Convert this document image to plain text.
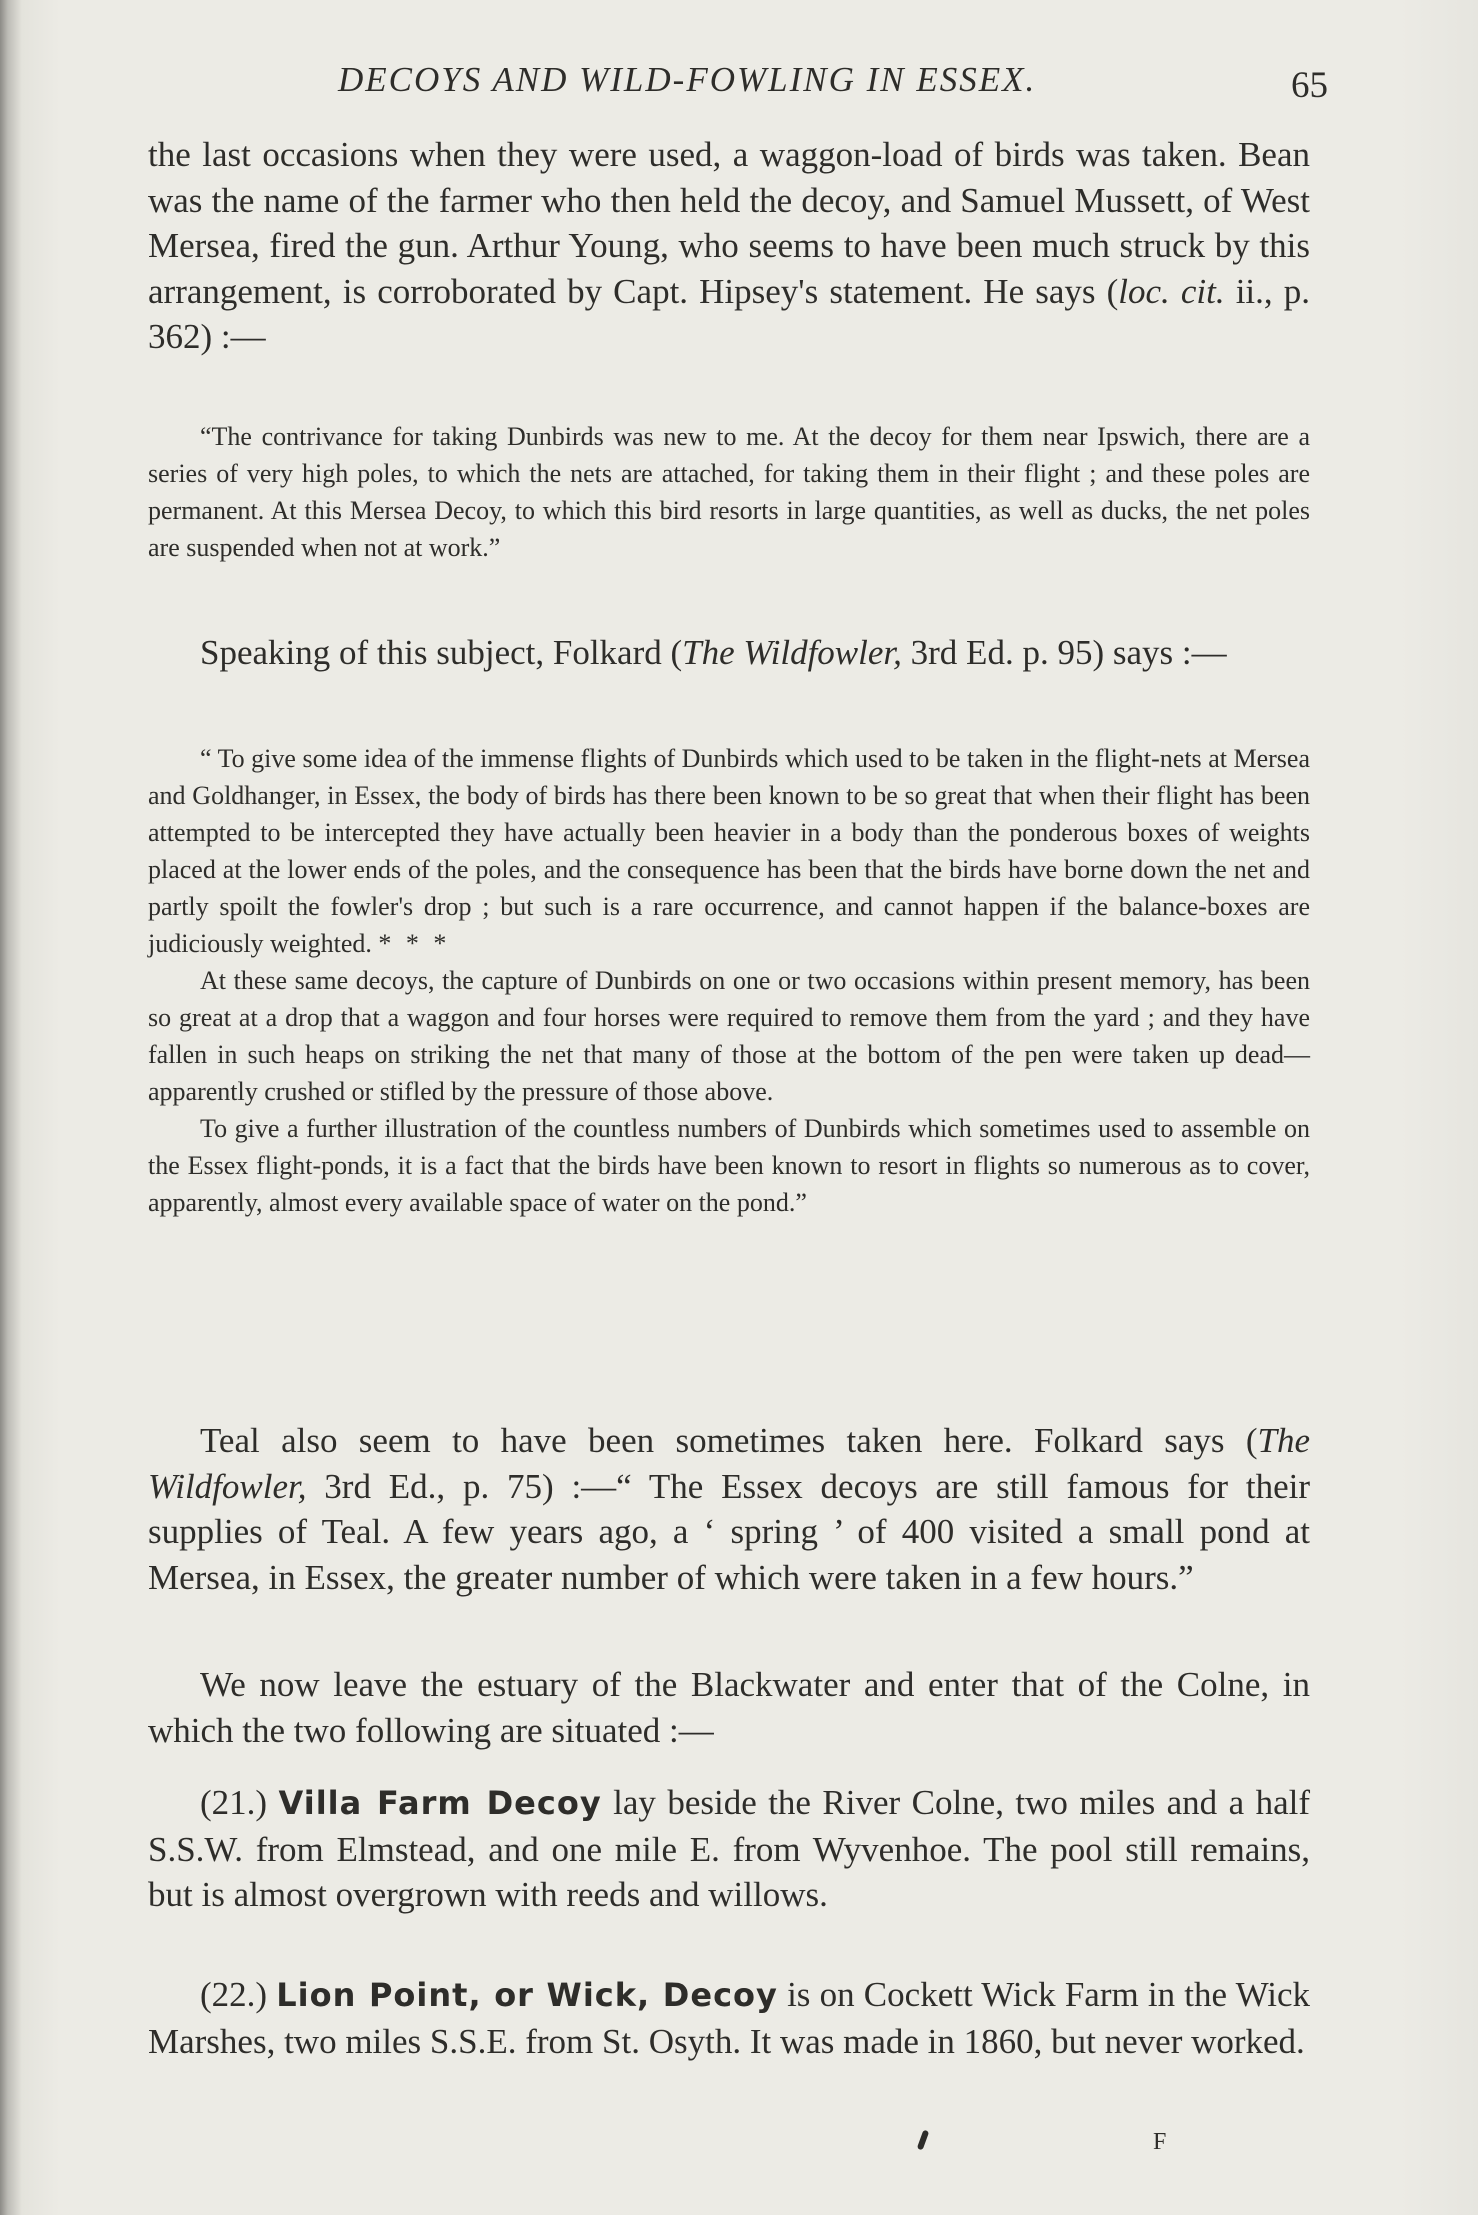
DECOYS AND WILD-FOWLING IN ESSEX.	65

the last occasions when they were used, a waggon-load of birds was taken. Bean was the name of the farmer who then held the decoy, and Samuel Mussett, of West Mersea, fired the gun. Arthur Young, who seems to have been much struck by this arrangement, is corroborated by Capt. Hipsey's statement. He says (loc. cit. ii., p. 362) :—

“The contrivance for taking Dunbirds was new to me. At the decoy for them near Ipswich, there are a series of very high poles, to which the nets are attached, for taking them in their flight ; and these poles are permanent. At this Mersea Decoy, to which this bird resorts in large quantities, as well as ducks, the net poles are suspended when not at work.”

Speaking of this subject, Folkard (The Wildfowler, 3rd Ed. p. 95) says :—

“ To give some idea of the immense flights of Dunbirds which used to be taken in the flight-nets at Mersea and Goldhanger, in Essex, the body of birds has there been known to be so great that when their flight has been attempted to be intercepted they have actually been heavier in a body than the ponderous boxes of weights placed at the lower ends of the poles, and the consequence has been that the birds have borne down the net and partly spoilt the fowler's drop ; but such is a rare occurrence, and cannot happen if the balance-boxes are judiciously weighted. * * *

At these same decoys, the capture of Dunbirds on one or two occasions within present memory, has been so great at a drop that a waggon and four horses were required to remove them from the yard ; and they have fallen in such heaps on striking the net that many of those at the bottom of the pen were taken up dead—apparently crushed or stifled by the pressure of those above.

To give a further illustration of the countless numbers of Dunbirds which sometimes used to assemble on the Essex flight-ponds, it is a fact that the birds have been known to resort in flights so numerous as to cover, apparently, almost every available space of water on the pond.”

Teal also seem to have been sometimes taken here. Folkard says (The Wildfowler, 3rd Ed., p. 75) :—“ The Essex decoys are still famous for their supplies of Teal. A few years ago, a ‘ spring ’ of 400 visited a small pond at Mersea, in Essex, the greater number of which were taken in a few hours.”

We now leave the estuary of the Blackwater and enter that of the Colne, in which the two following are situated :—

(21.) Villa Farm Decoy lay beside the River Colne, two miles and a half S.S.W. from Elmstead, and one mile E. from Wyvenhoe. The pool still remains, but is almost overgrown with reeds and willows.

(22.) Lion Point, or Wick, Decoy is on Cockett Wick Farm in the Wick Marshes, two miles S.S.E. from St. Osyth. It was made in 1860, but never worked.

F
